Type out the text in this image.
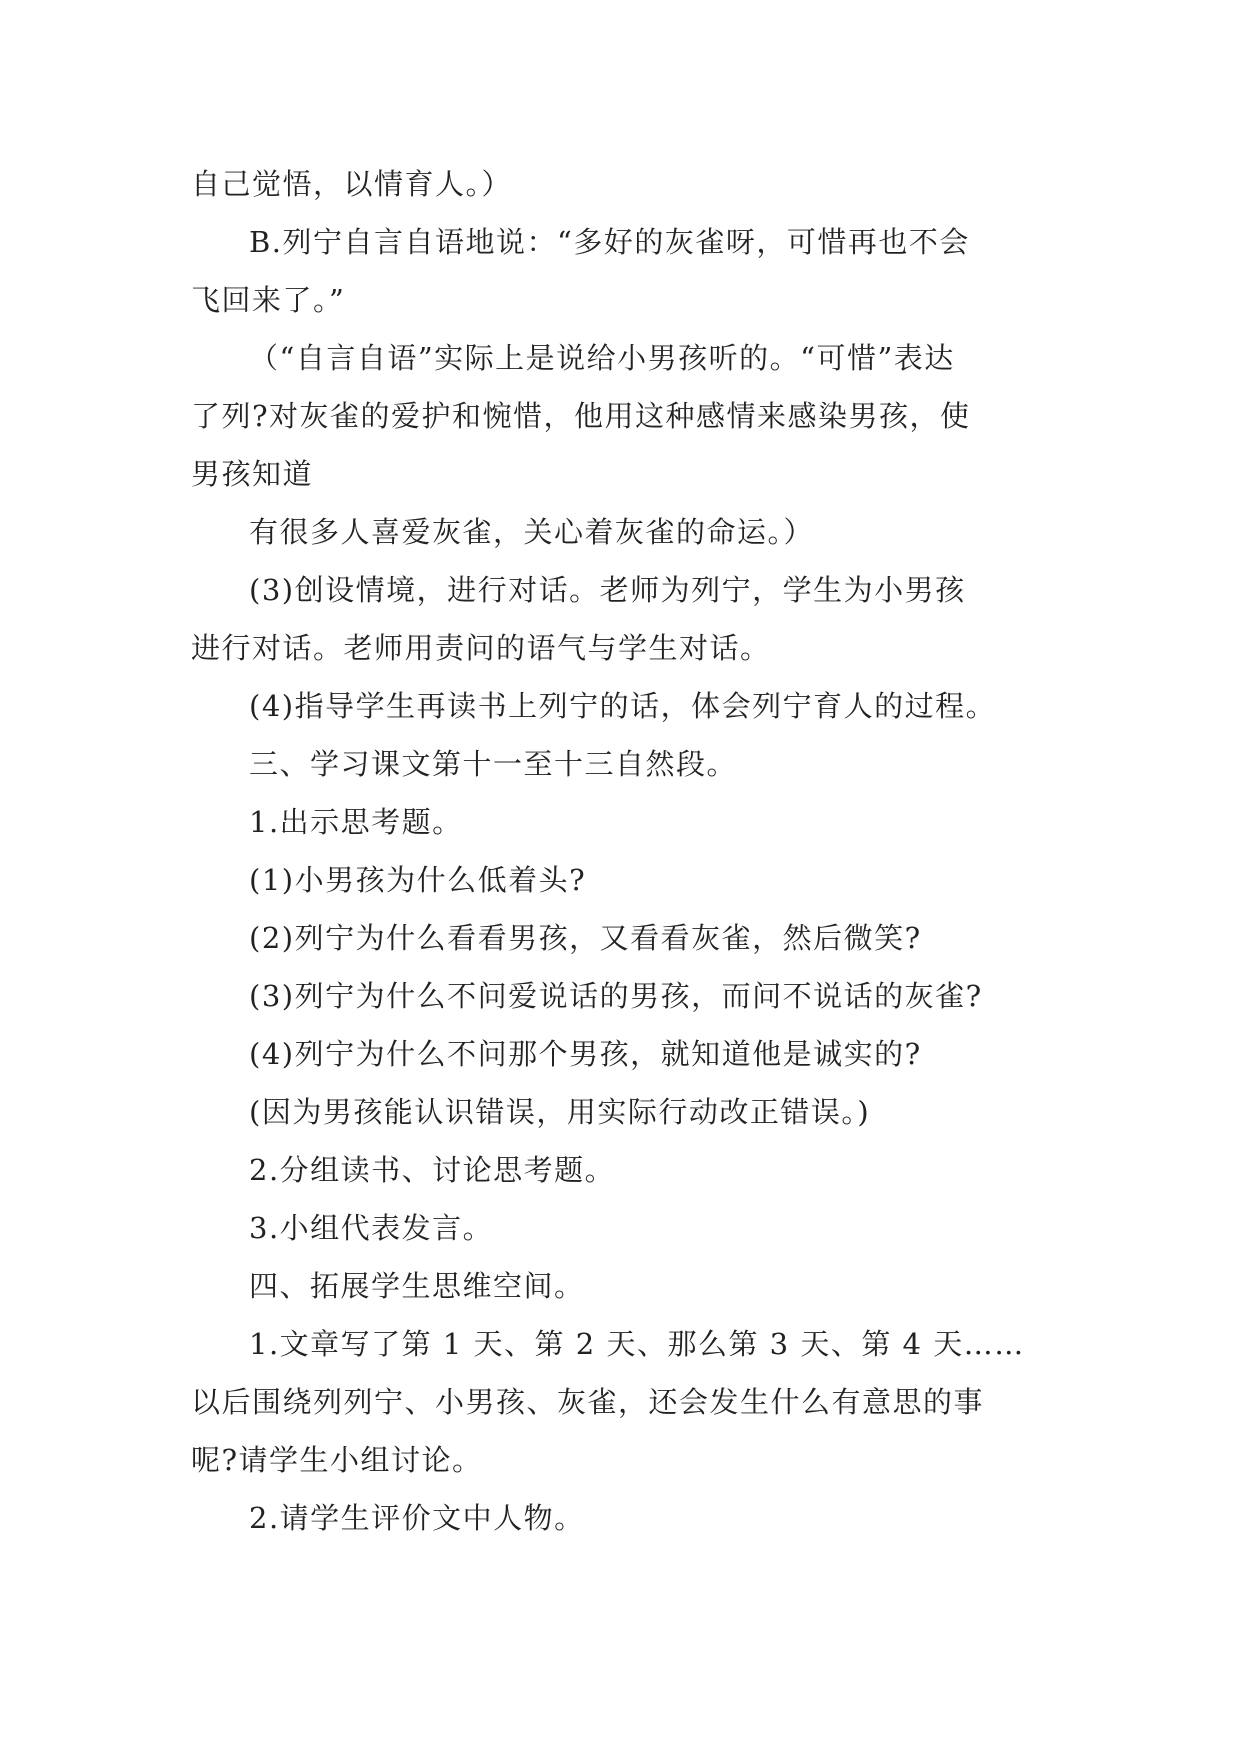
自己觉悟，以情育人。）

B.列宁自言自语地说：“多好的灰雀呀，可惜再也不会

飞回来了。”

（“自言自语”实际上是说给小男孩听的。“可惜”表达

了列?对灰雀的爱护和惋惜，他用这种感情来感染男孩，使

男孩知道

有很多人喜爱灰雀，关心着灰雀的命运。）

(3)创设情境，进行对话。老师为列宁，学生为小男孩

进行对话。老师用责问的语气与学生对话。

(4)指导学生再读书上列宁的话，体会列宁育人的过程。

三、学习课文第十一至十三自然段。

1.出示思考题。

(1)小男孩为什么低着头?

(2)列宁为什么看看男孩，又看看灰雀，然后微笑?

(3)列宁为什么不问爱说话的男孩，而问不说话的灰雀?

(4)列宁为什么不问那个男孩，就知道他是诚实的?

(因为男孩能认识错误，用实际行动改正错误。)

2.分组读书、讨论思考题。

3.小组代表发言。

四、拓展学生思维空间。

1.文章写了第 1 天、第 2 天、那么第 3 天、第 4 天……

以后围绕列列宁、小男孩、灰雀，还会发生什么有意思的事

呢?请学生小组讨论。

2.请学生评价文中人物。
